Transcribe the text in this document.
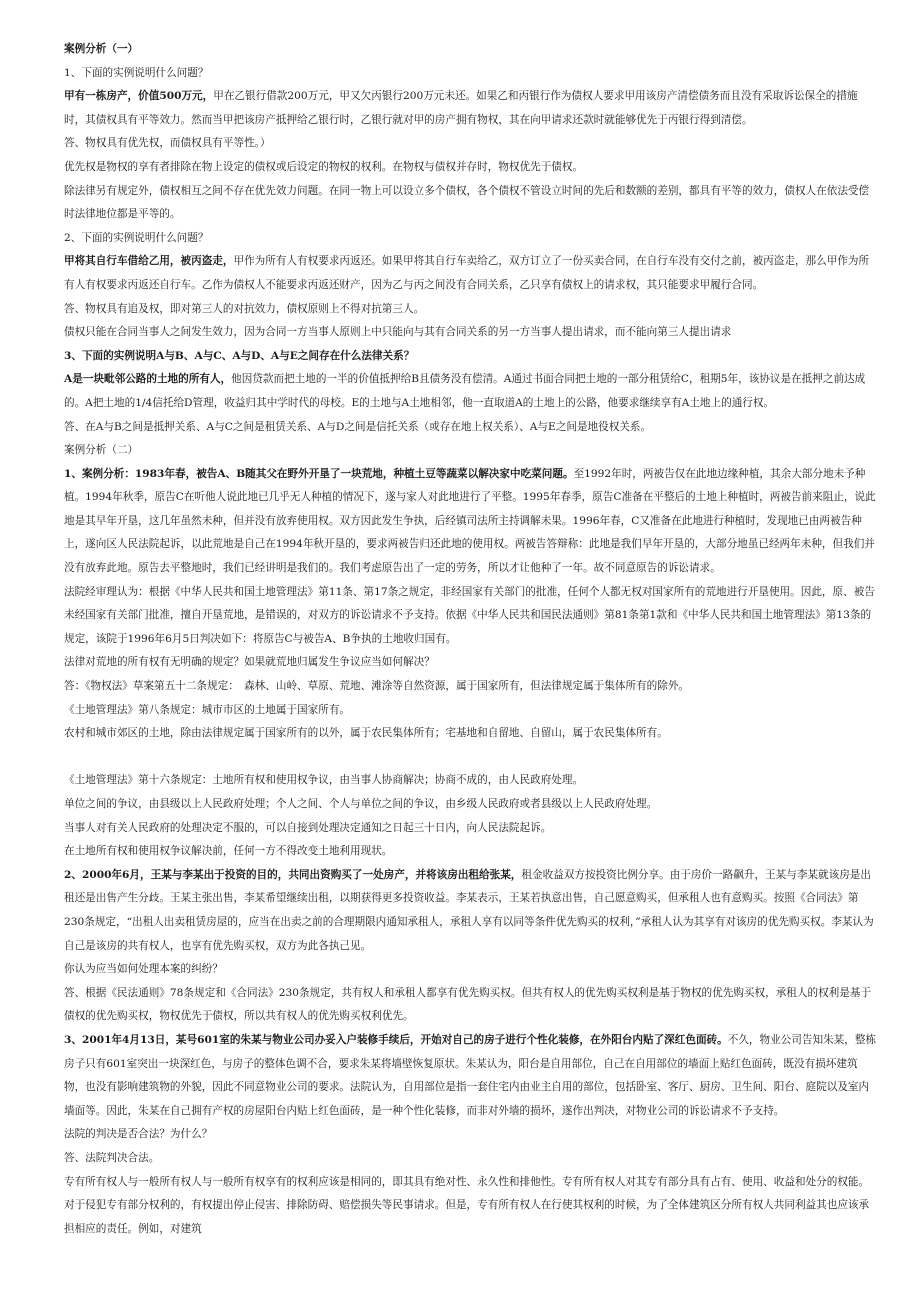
案例分析（一）

1、下面的实例说明什么问题？

甲有一栋房产，价值500万元，甲在乙银行借款200万元，甲又欠丙银行200万元未还。如果乙和丙银行作为债权人要求甲用该房产清偿债务而且没有采取诉讼保全的措施时，其债权具有平等效力。然而当甲把该房产抵押给乙银行时，乙银行就对甲的房产拥有物权，其在向甲请求还款时就能够优先于丙银行得到清偿。

答、物权具有优先权，而债权具有平等性。）

优先权是物权的享有者排除在物上设定的债权或后设定的物权的权利。在物权与债权并存时，物权优先于债权。

除法律另有规定外，债权相互之间不存在优先效力问题。在同一物上可以设立多个债权，各个债权不管设立时间的先后和数额的差别，都具有平等的效力，债权人在依法受偿时法律地位都是平等的。

2、下面的实例说明什么问题？

甲将其自行车借给乙用，被丙盗走，甲作为所有人有权要求丙返还。如果甲将其自行车卖给乙，双方订立了一份买卖合同，在自行车没有交付之前，被丙盗走，那么甲作为所有人有权要求丙返还自行车。乙作为债权人不能要求丙返还财产，因为乙与丙之间没有合同关系，乙只享有债权上的请求权，其只能要求甲履行合同。

答、物权具有追及权，即对第三人的对抗效力，债权原则上不得对抗第三人。

债权只能在合同当事人之间发生效力，因为合同一方当事人原则上中只能向与其有合同关系的另一方当事人提出请求，而不能向第三人提出请求

3、下面的实例说明A与B、A与C、A与D、A与E之间存在什么法律关系？

A是一块毗邻公路的土地的所有人，他因贷款而把土地的一半的价值抵押给B且债务没有偿清。A通过书面合同把土地的一部分租赁给C，租期5年，该协议是在抵押之前达成的。A把土地的1/4信托给D管理，收益归其中学时代的母校。E的土地与A土地相邻，他一直取道A的土地上的公路，他要求继续享有A土地上的通行权。

答、在A与B之间是抵押关系、A与C之间是租赁关系、A与D之间是信托关系（或存在地上权关系）、A与E之间是地役权关系。

案例分析（二）

1、案例分析：1983年春，被告A、B随其父在野外开垦了一块荒地，种植土豆等蔬菜以解决家中吃菜问题。至1992年时，两被告仅在此地边缘种植，其余大部分地未予种植。1994年秋季，原告C在听他人说此地已几乎无人种植的情况下，遂与家人对此地进行了平整。1995年春季，原告C准备在平整后的土地上种植时，两被告前来阻止，说此地是其早年开垦，这几年虽然未种，但并没有放弃使用权。双方因此发生争执，后经镇司法所主持调解未果。1996年春，C又准备在此地进行种植时，发现地已由两被告种上，遂向区人民法院起诉，以此荒地是自己在1994年秋开垦的，要求两被告归还此地的使用权。两被告答辩称：此地是我们早年开垦的，大部分地虽已经两年未种，但我们并没有放弃此地。原告去平整地时，我们已经讲明是我们的。我们考虑原告出了一定的劳务，所以才让他种了一年。故不同意原告的诉讼请求。

法院经审理认为：根据《中华人民共和国土地管理法》第11条、第17条之规定，非经国家有关部门的批准，任何个人都无权对国家所有的荒地进行开垦使用。因此，原、被告未经国家有关部门批准，擅自开垦荒地，是错误的，对双方的诉讼请求不予支持。依据《中华人民共和国民法通则》第81条第1款和《中华人民共和国土地管理法》第13条的规定，该院于1996年6月5日判决如下：将原告C与被告A、B争执的土地收归国有。

法律对荒地的所有权有无明确的规定？如果就荒地归属发生争议应当如何解决？

答：《物权法》草案第五十二条规定：　森林、山岭、草原、荒地、滩涂等自然资源，属于国家所有，但法律规定属于集体所有的除外。

《土地管理法》第八条规定：城市市区的土地属于国家所有。

农村和城市郊区的土地，除由法律规定属于国家所有的以外，属于农民集体所有；宅基地和自留地、自留山，属于农民集体所有。

《土地管理法》第十六条规定：土地所有权和使用权争议，由当事人协商解决；协商不成的，由人民政府处理。

单位之间的争议，由县级以上人民政府处理；个人之间、个人与单位之间的争议，由乡级人民政府或者县级以上人民政府处理。

当事人对有关人民政府的处理决定不服的，可以自接到处理决定通知之日起三十日内，向人民法院起诉。

在土地所有权和使用权争议解决前，任何一方不得改变土地利用现状。

2、2000年6月，王某与李某出于投资的目的，共同出资购买了一处房产，并将该房出租给张某，租金收益双方按投资比例分享。由于房价一路飙升，王某与李某就该房是出租还是出售产生分歧。王某主张出售，李某希望继续出租，以期获得更多投资收益。李某表示，王某若执意出售，自己愿意购买，但承租人也有意购买。按照《合同法》第230条规定，“出租人出卖租赁房屋的，应当在出卖之前的合理期限内通知承租人，承租人享有以同等条件优先购买的权利，”承租人认为其享有对该房的优先购买权。李某认为自己是该房的共有权人，也享有优先购买权，双方为此各执己见。

你认为应当如何处理本案的纠纷？

答、根据《民法通则》78条规定和《合同法》230条规定，共有权人和承租人都享有优先购买权。但共有权人的优先购买权利是基于物权的优先购买权，承租人的权利是基于债权的优先购买权，物权优先于债权，所以共有权人的优先购买权利优先。

3、2001年4月13日，某号601室的朱某与物业公司办妥入户装修手续后，开始对自己的房子进行个性化装修，在外阳台内贴了深红色面砖。不久，物业公司告知朱某，整栋房子只有601室突出一块深红色，与房子的整体色调不合，要求朱某将墙壁恢复原状。朱某认为，阳台是自用部位，自己在自用部位的墙面上贴红色面砖，既没有损坏建筑物，也没有影响建筑物的外貌，因此不同意物业公司的要求。法院认为，自用部位是指一套住宅内由业主自用的部位，包括卧室、客厅、厨房、卫生间、阳台、庭院以及室内墙面等。因此，朱某在自己拥有产权的房屋阳台内贴上红色面砖，是一种个性化装修，而非对外墙的损坏，遂作出判决，对物业公司的诉讼请求不予支持。

法院的判决是否合法？为什么？

答、法院判决合法。

专有所有权人与一般所有权人与一般所有权享有的权利应该是相同的，即其具有绝对性、永久性和排他性。专有所有权人对其专有部分具有占有、使用、收益和处分的权能。对于侵犯专有部分权利的，有权提出停止侵害、排除防碍、赔偿损失等民事请求。但是，专有所有权人在行使其权利的时候，为了全体建筑区分所有权人共同利益其也应该承担相应的责任。例如，对建筑
